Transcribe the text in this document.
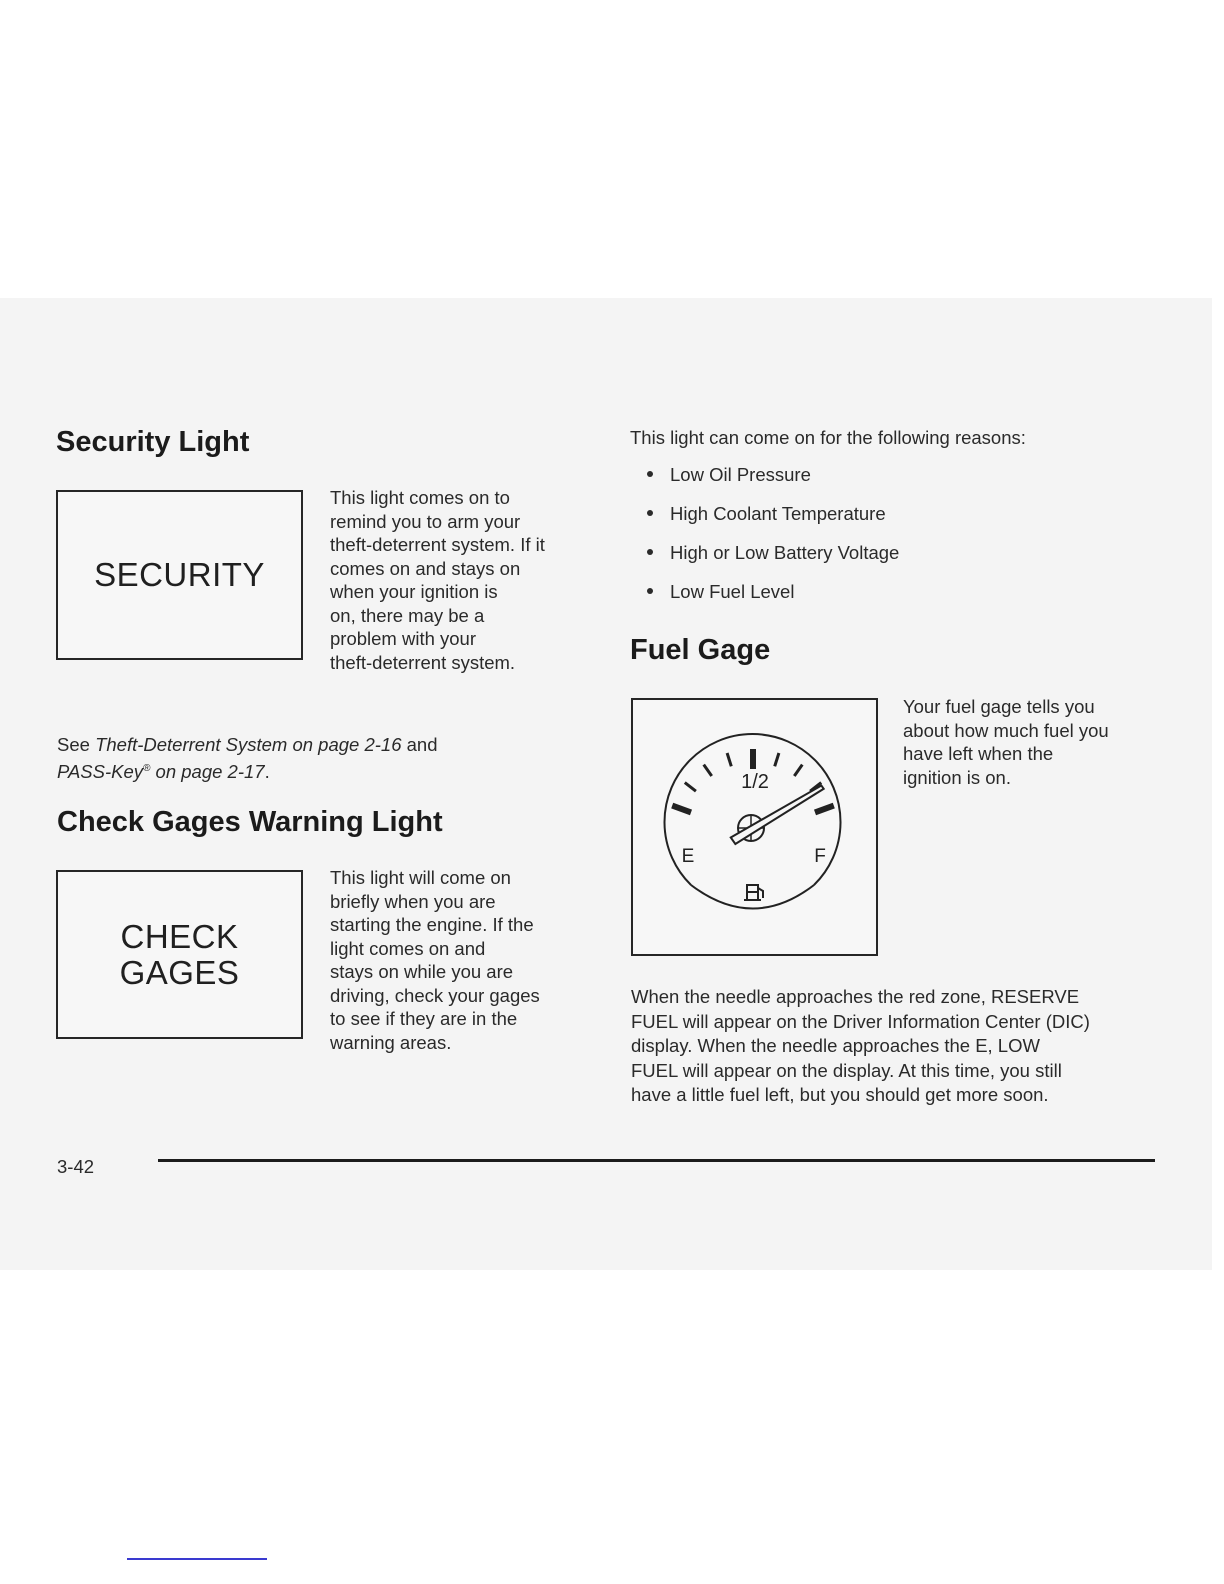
Security Light
SECURITY

This light comes on to
remind you to arm your
theft-deterrent system. If it
comes on and stays on
when your ignition is
on, there may be a
problem with your
theft-deterrent system.

See Theft-Deterrent System on page 2-16 and
PASS-Key® on page 2-17.

Check Gages Warning Light
CHECK
GAGES

This light will come on
briefly when you are
starting the engine. If the
light comes on and
stays on while you are
driving, check your gages
to see if they are in the
warning areas.

This light can come on for the following reasons:

Low Oil Pressure
High Coolant Temperature
High or Low Battery Voltage
Low Fuel Level
Fuel Gage
1/2
E	F

Your fuel gage tells you
about how much fuel you
have left when the
ignition is on.

When the needle approaches the red zone, RESERVE
FUEL will appear on the Driver Information Center (DIC)
display. When the needle approaches the E, LOW
FUEL will appear on the display. At this time, you still
have a little fuel left, but you should get more soon.

3-42
